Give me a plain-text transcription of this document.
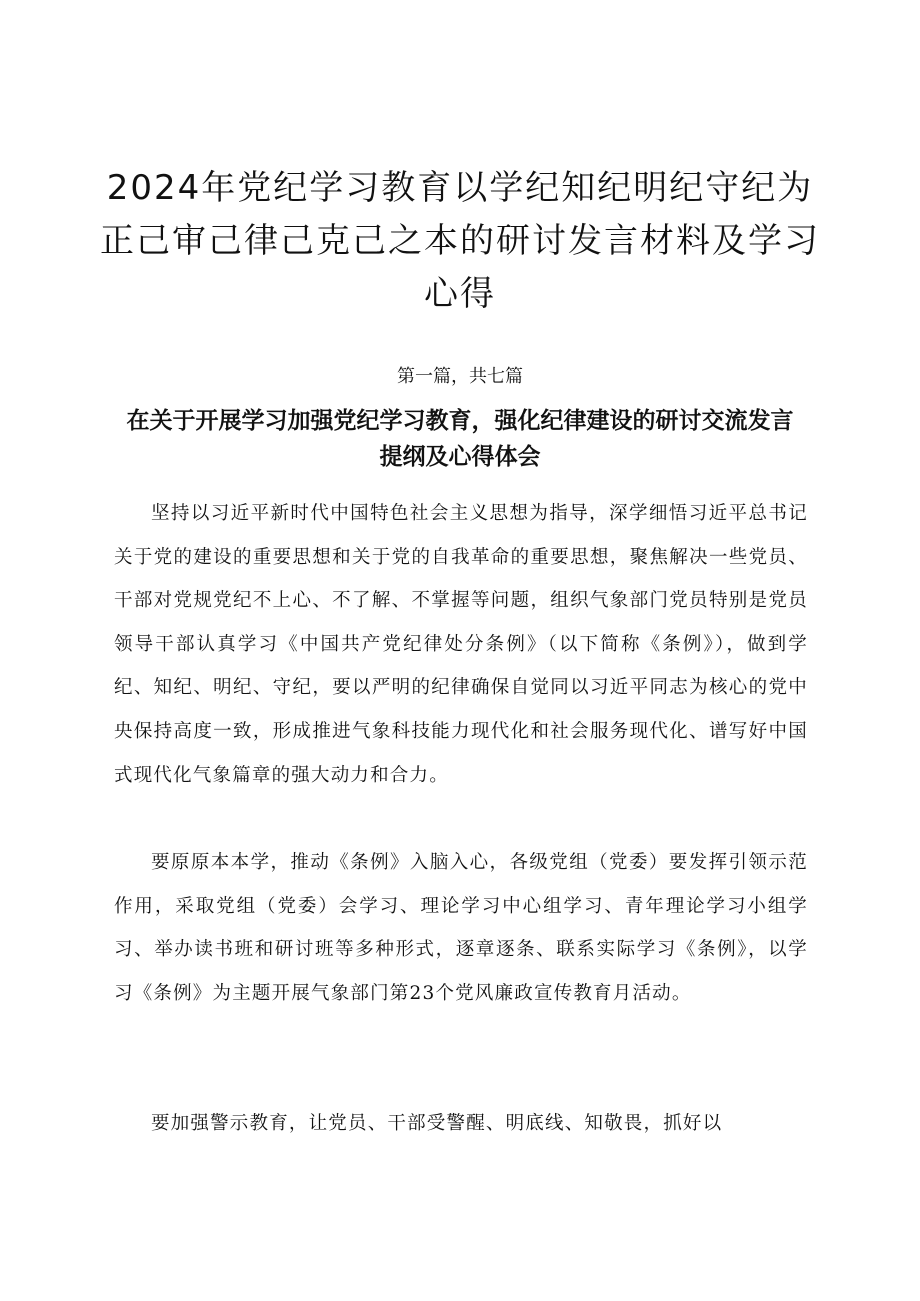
2024年党纪学习教育以学纪知纪明纪守纪为正己审己律己克己之本的研讨发言材料及学习心得

第一篇，共七篇

在关于开展学习加强党纪学习教育，强化纪律建设的研讨交流发言提纲及心得体会

坚持以习近平新时代中国特色社会主义思想为指导，深学细悟习近平总书记关于党的建设的重要思想和关于党的自我革命的重要思想，聚焦解决一些党员、干部对党规党纪不上心、不了解、不掌握等问题，组织气象部门党员特别是党员领导干部认真学习《中国共产党纪律处分条例》（以下简称《条例》），做到学纪、知纪、明纪、守纪，要以严明的纪律确保自觉同以习近平同志为核心的党中央保持高度一致，形成推进气象科技能力现代化和社会服务现代化、谱写好中国式现代化气象篇章的强大动力和合力。

要原原本本学，推动《条例》入脑入心，各级党组（党委）要发挥引领示范作用，采取党组（党委）会学习、理论学习中心组学习、青年理论学习小组学习、举办读书班和研讨班等多种形式，逐章逐条、联系实际学习《条例》，以学习《条例》为主题开展气象部门第23个党风廉政宣传教育月活动。

要加强警示教育，让党员、干部受警醒、明底线、知敬畏，抓好以
